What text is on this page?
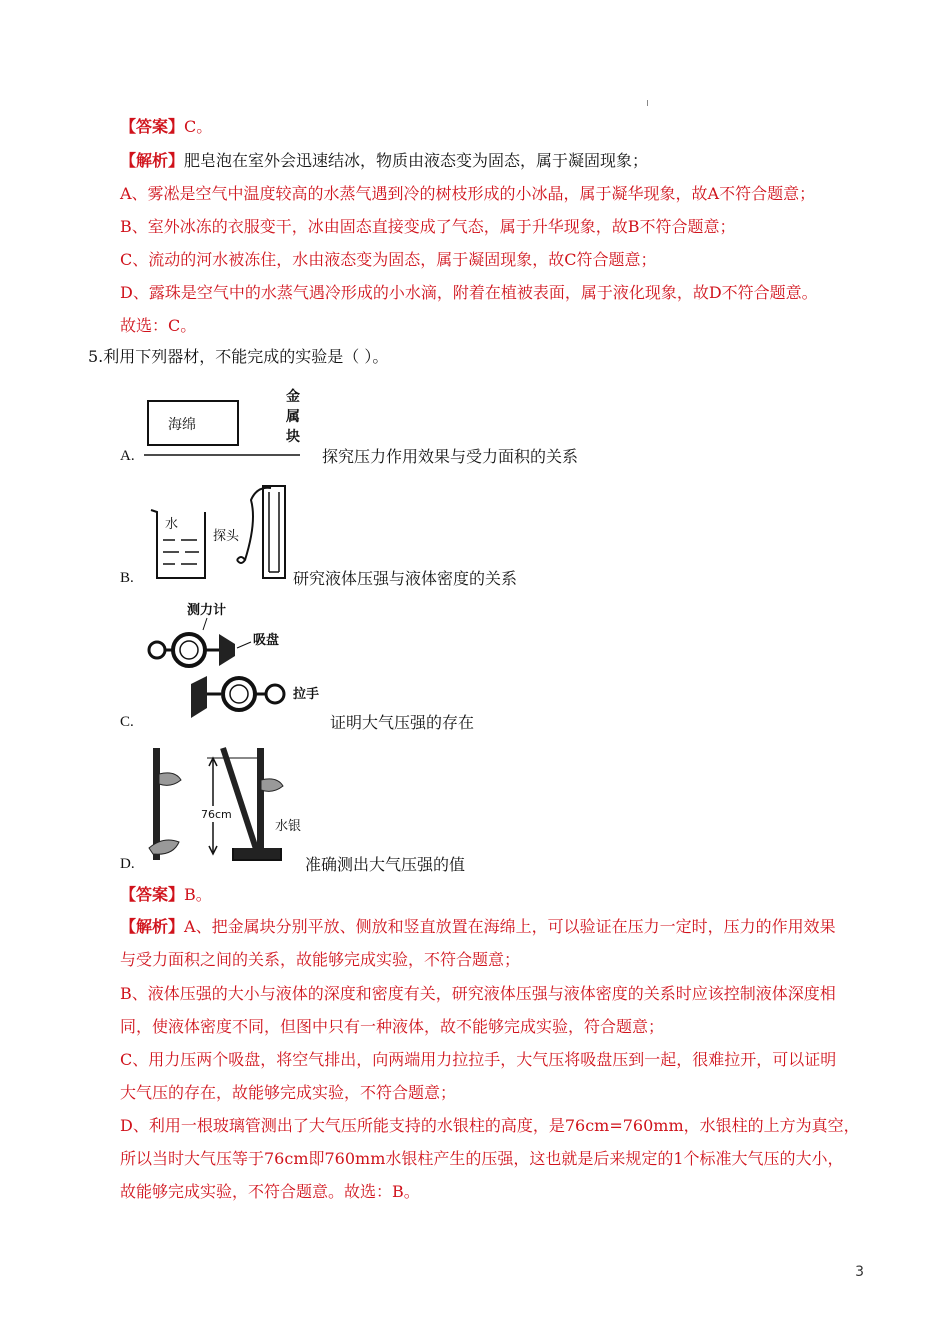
【答案】C。
【解析】肥皂泡在室外会迅速结冰，物质由液态变为固态，属于凝固现象；
A、雾凇是空气中温度较高的水蒸气遇到冷的树枝形成的小冰晶，属于凝华现象，故A不符合题意；
B、室外冰冻的衣服变干，冰由固态直接变成了气态，属于升华现象，故B不符合题意；
C、流动的河水被冻住，水由液态变为固态，属于凝固现象，故C符合题意；
D、露珠是空气中的水蒸气遇冷形成的小水滴，附着在植被表面，属于液化现象，故D不符合题意。
故选：C。
5.利用下列器材，不能完成的实验是（ ）。
A.
海绵
金
属
块
探究压力作用效果与受力面积的关系
B.
水
探头
研究液体压强与液体密度的关系
C.
测力计
吸盘
拉手
证明大气压强的存在
D.
76cm
水银
准确测出大气压强的值
【答案】B。
【解析】A、把金属块分别平放、侧放和竖直放置在海绵上，可以验证在压力一定时，压力的作用效果
与受力面积之间的关系，故能够完成实验，不符合题意；
B、液体压强的大小与液体的深度和密度有关，研究液体压强与液体密度的关系时应该控制液体深度相
同，使液体密度不同，但图中只有一种液体，故不能够完成实验，符合题意；
C、用力压两个吸盘，将空气排出，向两端用力拉拉手，大气压将吸盘压到一起，很难拉开，可以证明
大气压的存在，故能够完成实验，不符合题意；
D、利用一根玻璃管测出了大气压所能支持的水银柱的高度，是76cm=760mm，水银柱的上方为真空，
所以当时大气压等于76cm即760mm水银柱产生的压强，这也就是后来规定的1个标准大气压的大小，
故能够完成实验，不符合题意。故选：B。
3
